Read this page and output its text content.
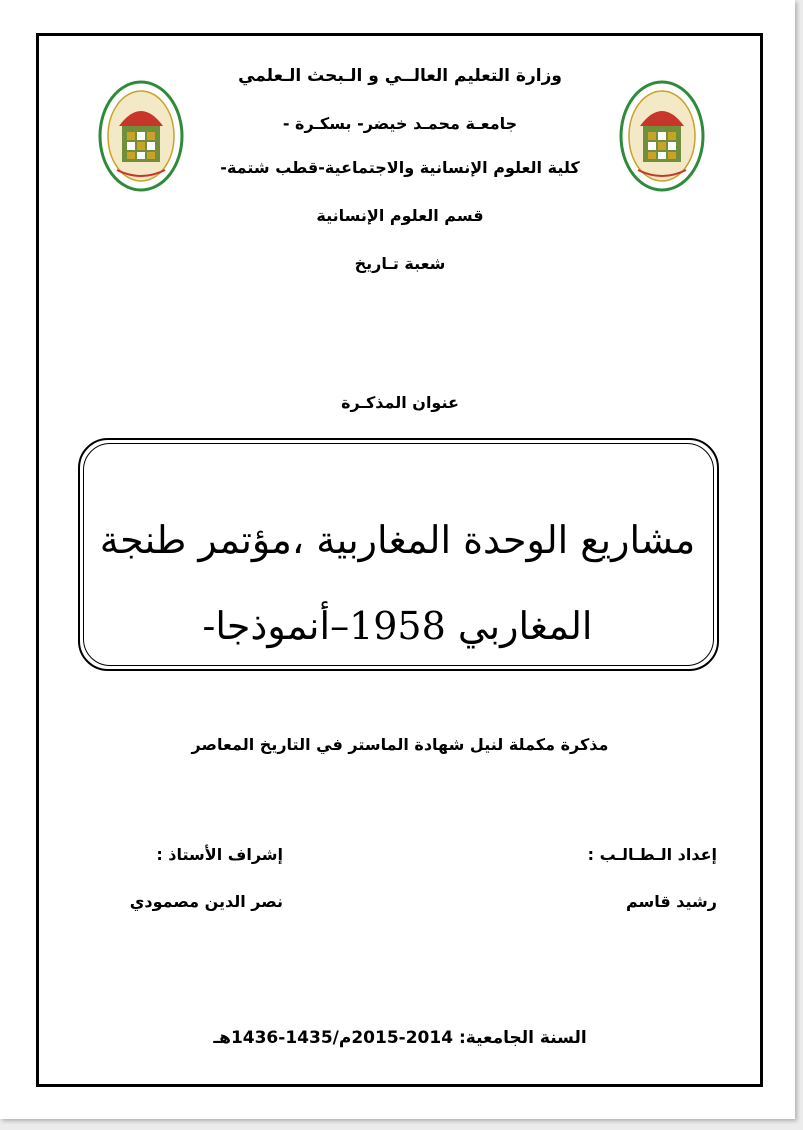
وزارة التعليم العالــي و الـبحث الـعلمي
جامعـة محمـد خيضر- بسكـرة -
كلية العلوم الإنسانية والاجتماعية-قطب شتمة-
قسم العلوم الإنسانية
شعبة تـاريخ
عنوان المذكـرة
مشاريع الوحدة المغاربية ،مؤتمر طنجة
المغاربي 1958–أنموذجا-
مذكرة مكملة لنيل شهادة الماستر في التاريخ المعاصر
إعداد الـطـالـب :
إشراف الأستاذ :
رشيد قاسم
نصر الدين مصمودي
السنة الجامعية: 2014-2015م/1435-1436هـ
